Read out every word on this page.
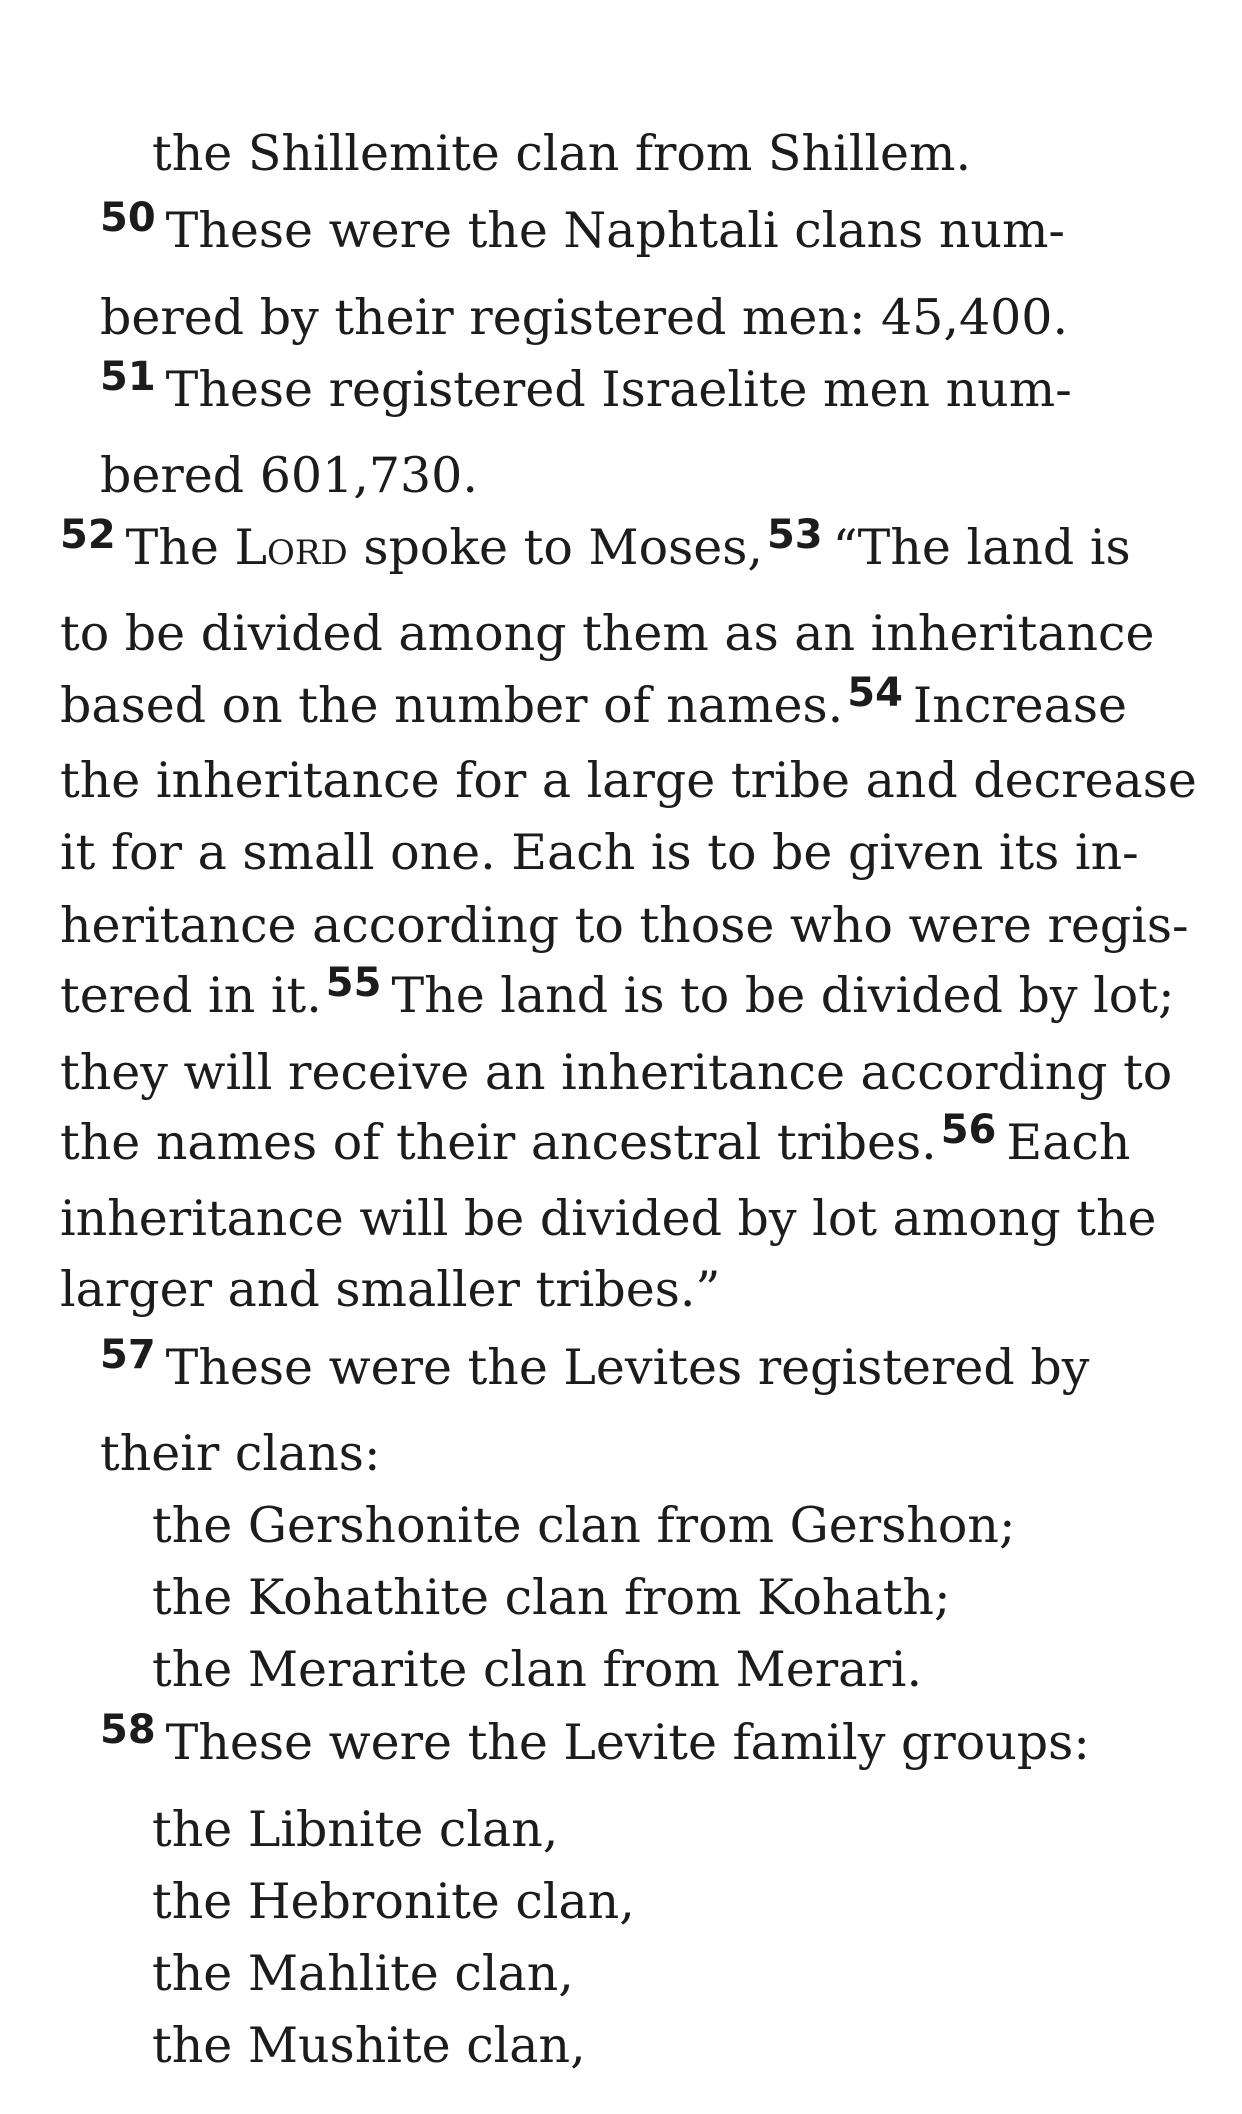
the Shillemite clan from Shillem.
$^{50}$ These were the Naphtali clans num-
bered by their registered men: 45,400.
$^{51}$ These registered Israelite men num-
bered 601,730.
$^{52}$ The Lord spoke to Moses, $^{53}$ “The land is
to be divided among them as an inheritance
based on the number of names. $^{54}$ Increase
the inheritance for a large tribe and decrease
it for a small one. Each is to be given its in-
heritance according to those who were regis-
tered in it. $^{55}$ The land is to be divided by lot;
they will receive an inheritance according to
the names of their ancestral tribes. $^{56}$ Each
inheritance will be divided by lot among the
larger and smaller tribes.”
$^{57}$ These were the Levites registered by
their clans:
the Gershonite clan from Gershon;
the Kohathite clan from Kohath;
the Merarite clan from Merari.
$^{58}$ These were the Levite family groups:
the Libnite clan,
the Hebronite clan,
the Mahlite clan,
the Mushite clan,
